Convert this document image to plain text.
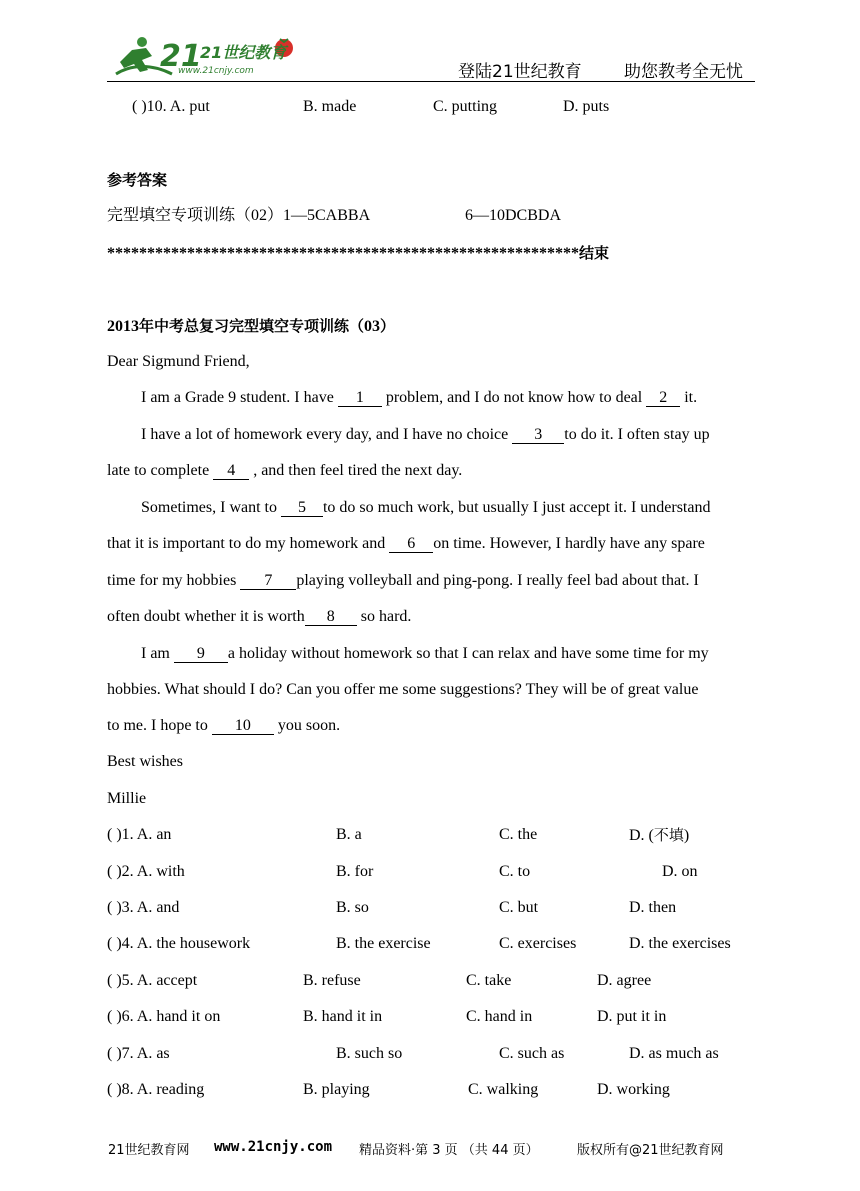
21
21世纪教育
www.21cnjy.com	登陆21世纪教育 助您教考全无忧
( )10. A. put	B. made	C. putting	D. puts
参考答案
完型填空专项训练（02）1—5CABBA	6—10DCBDA
***********************************************************结束
2013年中考总复习完型填空专项训练（03）
Dear Sigmund Friend,
I am a Grade 9 student. I have 1 problem, and I do not know how to deal 2 it.
I have a lot of homework every day, and I have no choice 3 to do it. I often stay up
late to complete 4 , and then feel tired the next day.
Sometimes, I want to 5 to do so much work, but usually I just accept it. I understand
that it is important to do my homework and 6 on time. However, I hardly have any spare
time for my hobbies 7 playing volleyball and ping-pong. I really feel bad about that. I
often doubt whether it is worth 8 so hard.
I am 9 a holiday without homework so that I can relax and have some time for my
hobbies. What should I do? Can you offer me some suggestions? They will be of great value
to me. I hope to 10 you soon.
Best wishes
Millie
( )1. A. an	B. a	C. the	D. (不填)
( )2. A. with	B. for	C. to	D. on
( )3. A. and	B. so	C. but	D. then
( )4. A. the housework	B. the exercise	C. exercises	D. the exercises
( )5. A. accept	B. refuse	C. take	D. agree
( )6. A. hand it on	B. hand it in	C. hand in	D. put it in
( )7. A. as	B. such so	C. such as	D. as much as
( )8. A. reading	B. playing	C. walking	D. working
21世纪教育网 www.21cnjy.com 精品资料·第 3 页 （共 44 页）	版权所有@21世纪教育网
